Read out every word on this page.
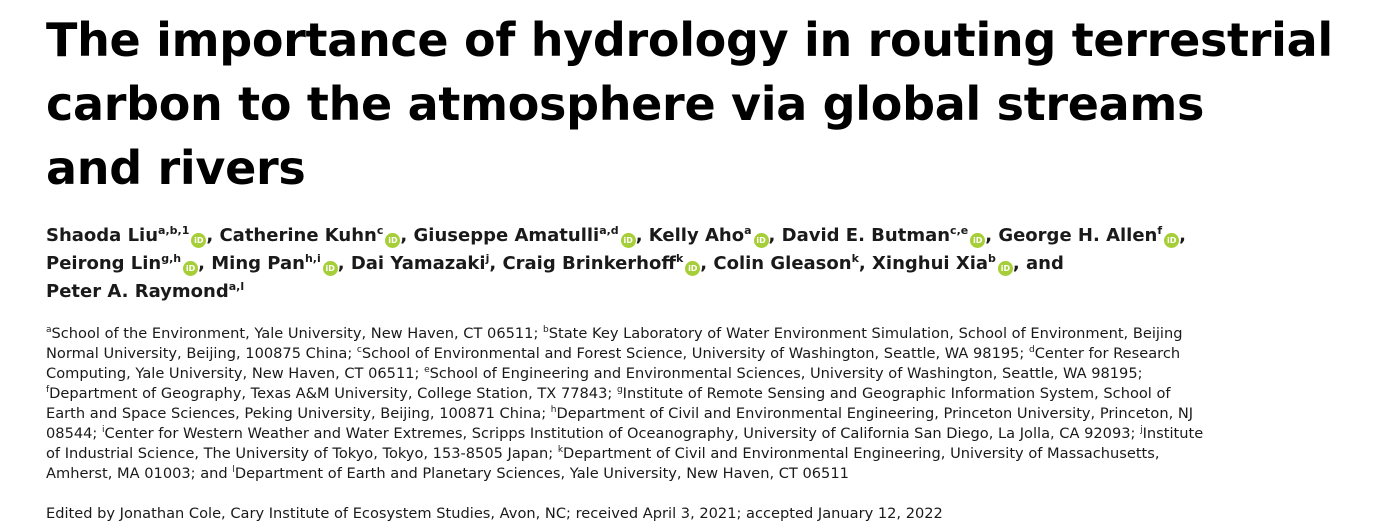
The importance of hydrology in routing terrestrial
carbon to the atmosphere via global streams
and rivers
Shaoda Liu$^{a,b,1}$iD , Catherine Kuhn$^c$iD , Giuseppe Amatulli$^{a,d}$iD , Kelly Aho$^a$iD , David E. Butman$^{c,e}$iD , George H. Allen$^f$iD ,
Peirong Lin$^{g,h}$iD , Ming Pan$^{h,i}$iD , Dai Yamazaki$^j$, Craig Brinkerhoff$^k$iD , Colin Gleason$^k$, Xinghui Xia$^b$iD , and
Peter A. Raymond$^{a,l}$
$^a$School of the Environment, Yale University, New Haven, CT 06511; $^b$State Key Laboratory of Water Environment Simulation, School of Environment, Beijing
Normal University, Beijing, 100875 China; $^c$School of Environmental and Forest Science, University of Washington, Seattle, WA 98195; $^d$Center for Research
Computing, Yale University, New Haven, CT 06511; $^e$School of Engineering and Environmental Sciences, University of Washington, Seattle, WA 98195;
$^f$Department of Geography, Texas A&M University, College Station, TX 77843; $^g$Institute of Remote Sensing and Geographic Information System, School of
Earth and Space Sciences, Peking University, Beijing, 100871 China; $^h$Department of Civil and Environmental Engineering, Princeton University, Princeton, NJ
08544; $^i$Center for Western Weather and Water Extremes, Scripps Institution of Oceanography, University of California San Diego, La Jolla, CA 92093; $^j$Institute
of Industrial Science, The University of Tokyo, Tokyo, 153-8505 Japan; $^k$Department of Civil and Environmental Engineering, University of Massachusetts,
Amherst, MA 01003; and $^l$Department of Earth and Planetary Sciences, Yale University, New Haven, CT 06511
Edited by Jonathan Cole, Cary Institute of Ecosystem Studies, Avon, NC; received April 3, 2021; accepted January 12, 2022
